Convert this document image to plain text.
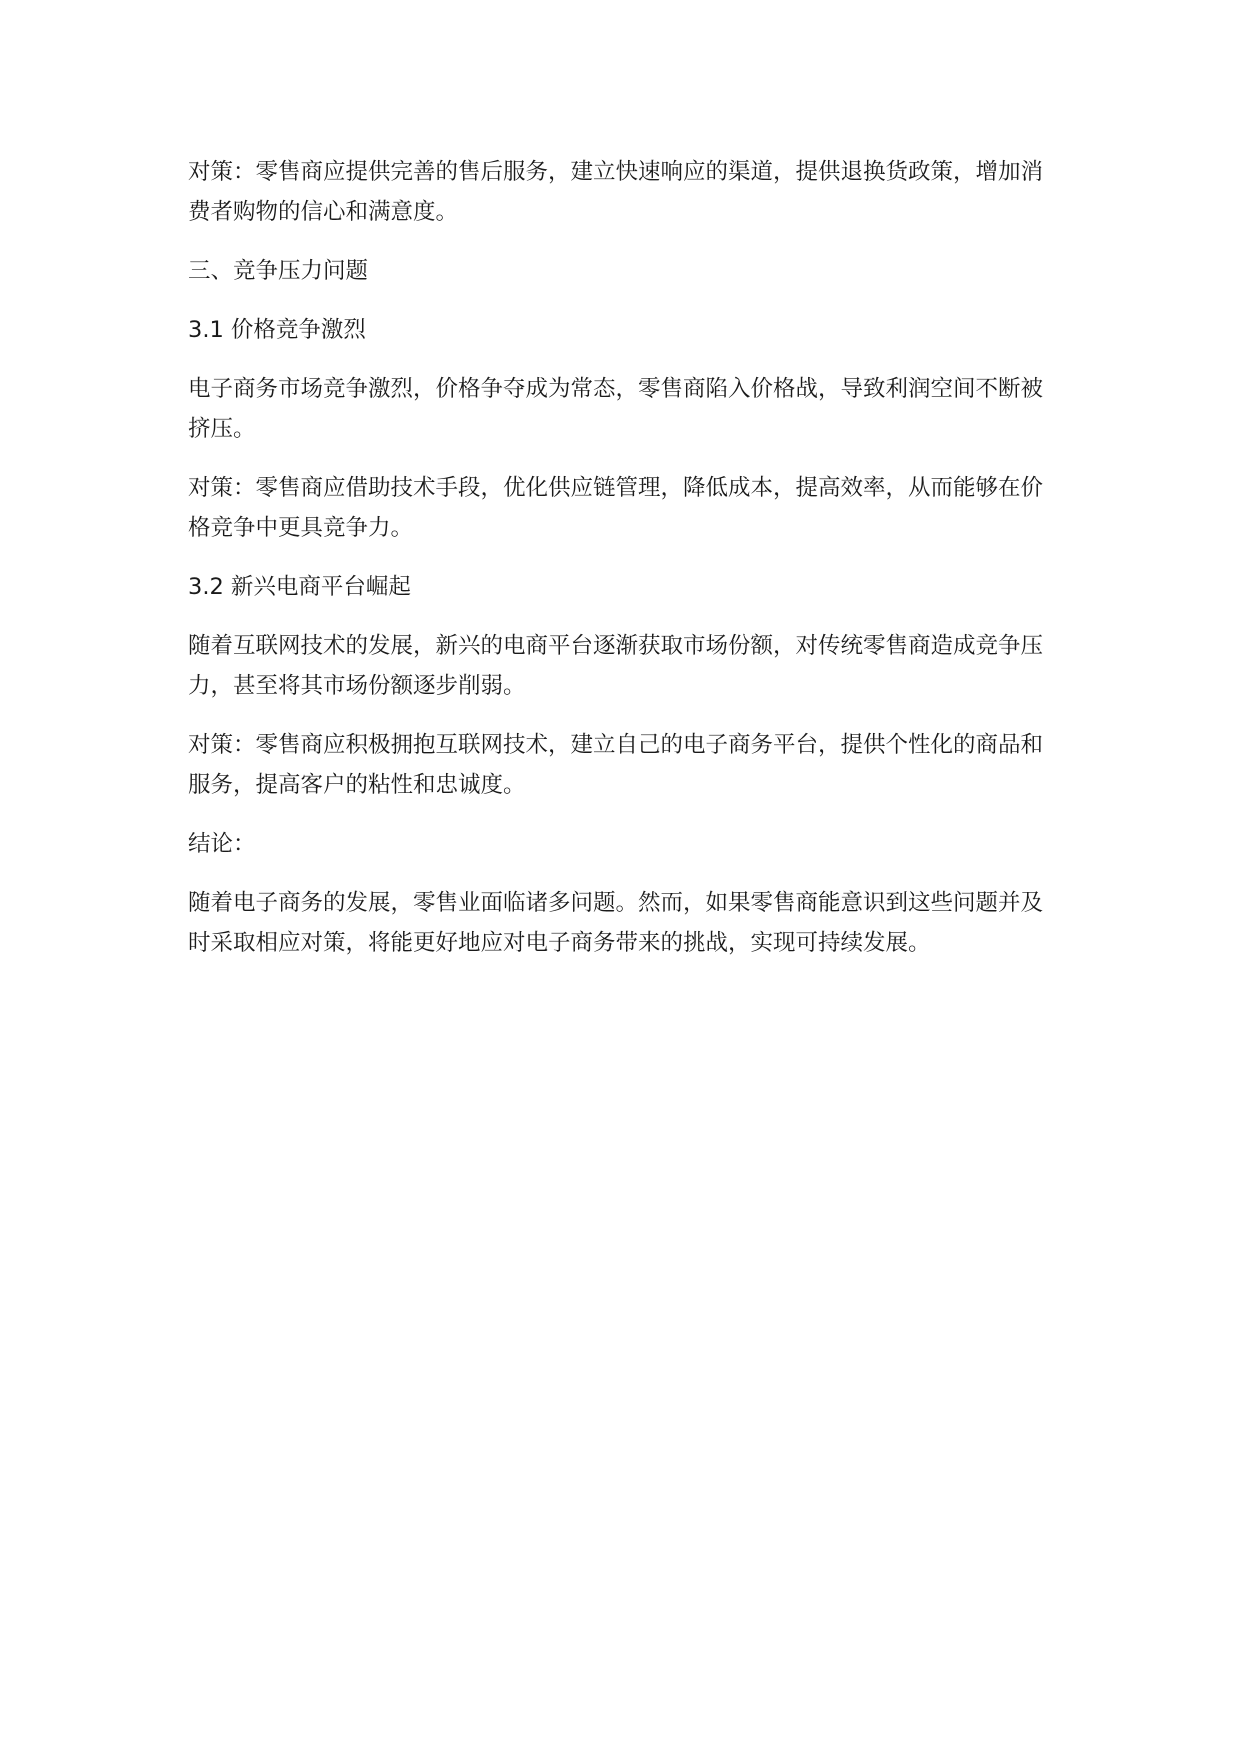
对策：零售商应提供完善的售后服务，建立快速响应的渠道，提供退换货政策，增加消费者购物的信心和满意度。

三、竞争压力问题

3.1 价格竞争激烈

电子商务市场竞争激烈，价格争夺成为常态，零售商陷入价格战，导致利润空间不断被挤压。

对策：零售商应借助技术手段，优化供应链管理，降低成本，提高效率，从而能够在价格竞争中更具竞争力。

3.2 新兴电商平台崛起

随着互联网技术的发展，新兴的电商平台逐渐获取市场份额，对传统零售商造成竞争压力，甚至将其市场份额逐步削弱。

对策：零售商应积极拥抱互联网技术，建立自己的电子商务平台，提供个性化的商品和服务，提高客户的粘性和忠诚度。

结论：

随着电子商务的发展，零售业面临诸多问题。然而，如果零售商能意识到这些问题并及时采取相应对策，将能更好地应对电子商务带来的挑战，实现可持续发展。
